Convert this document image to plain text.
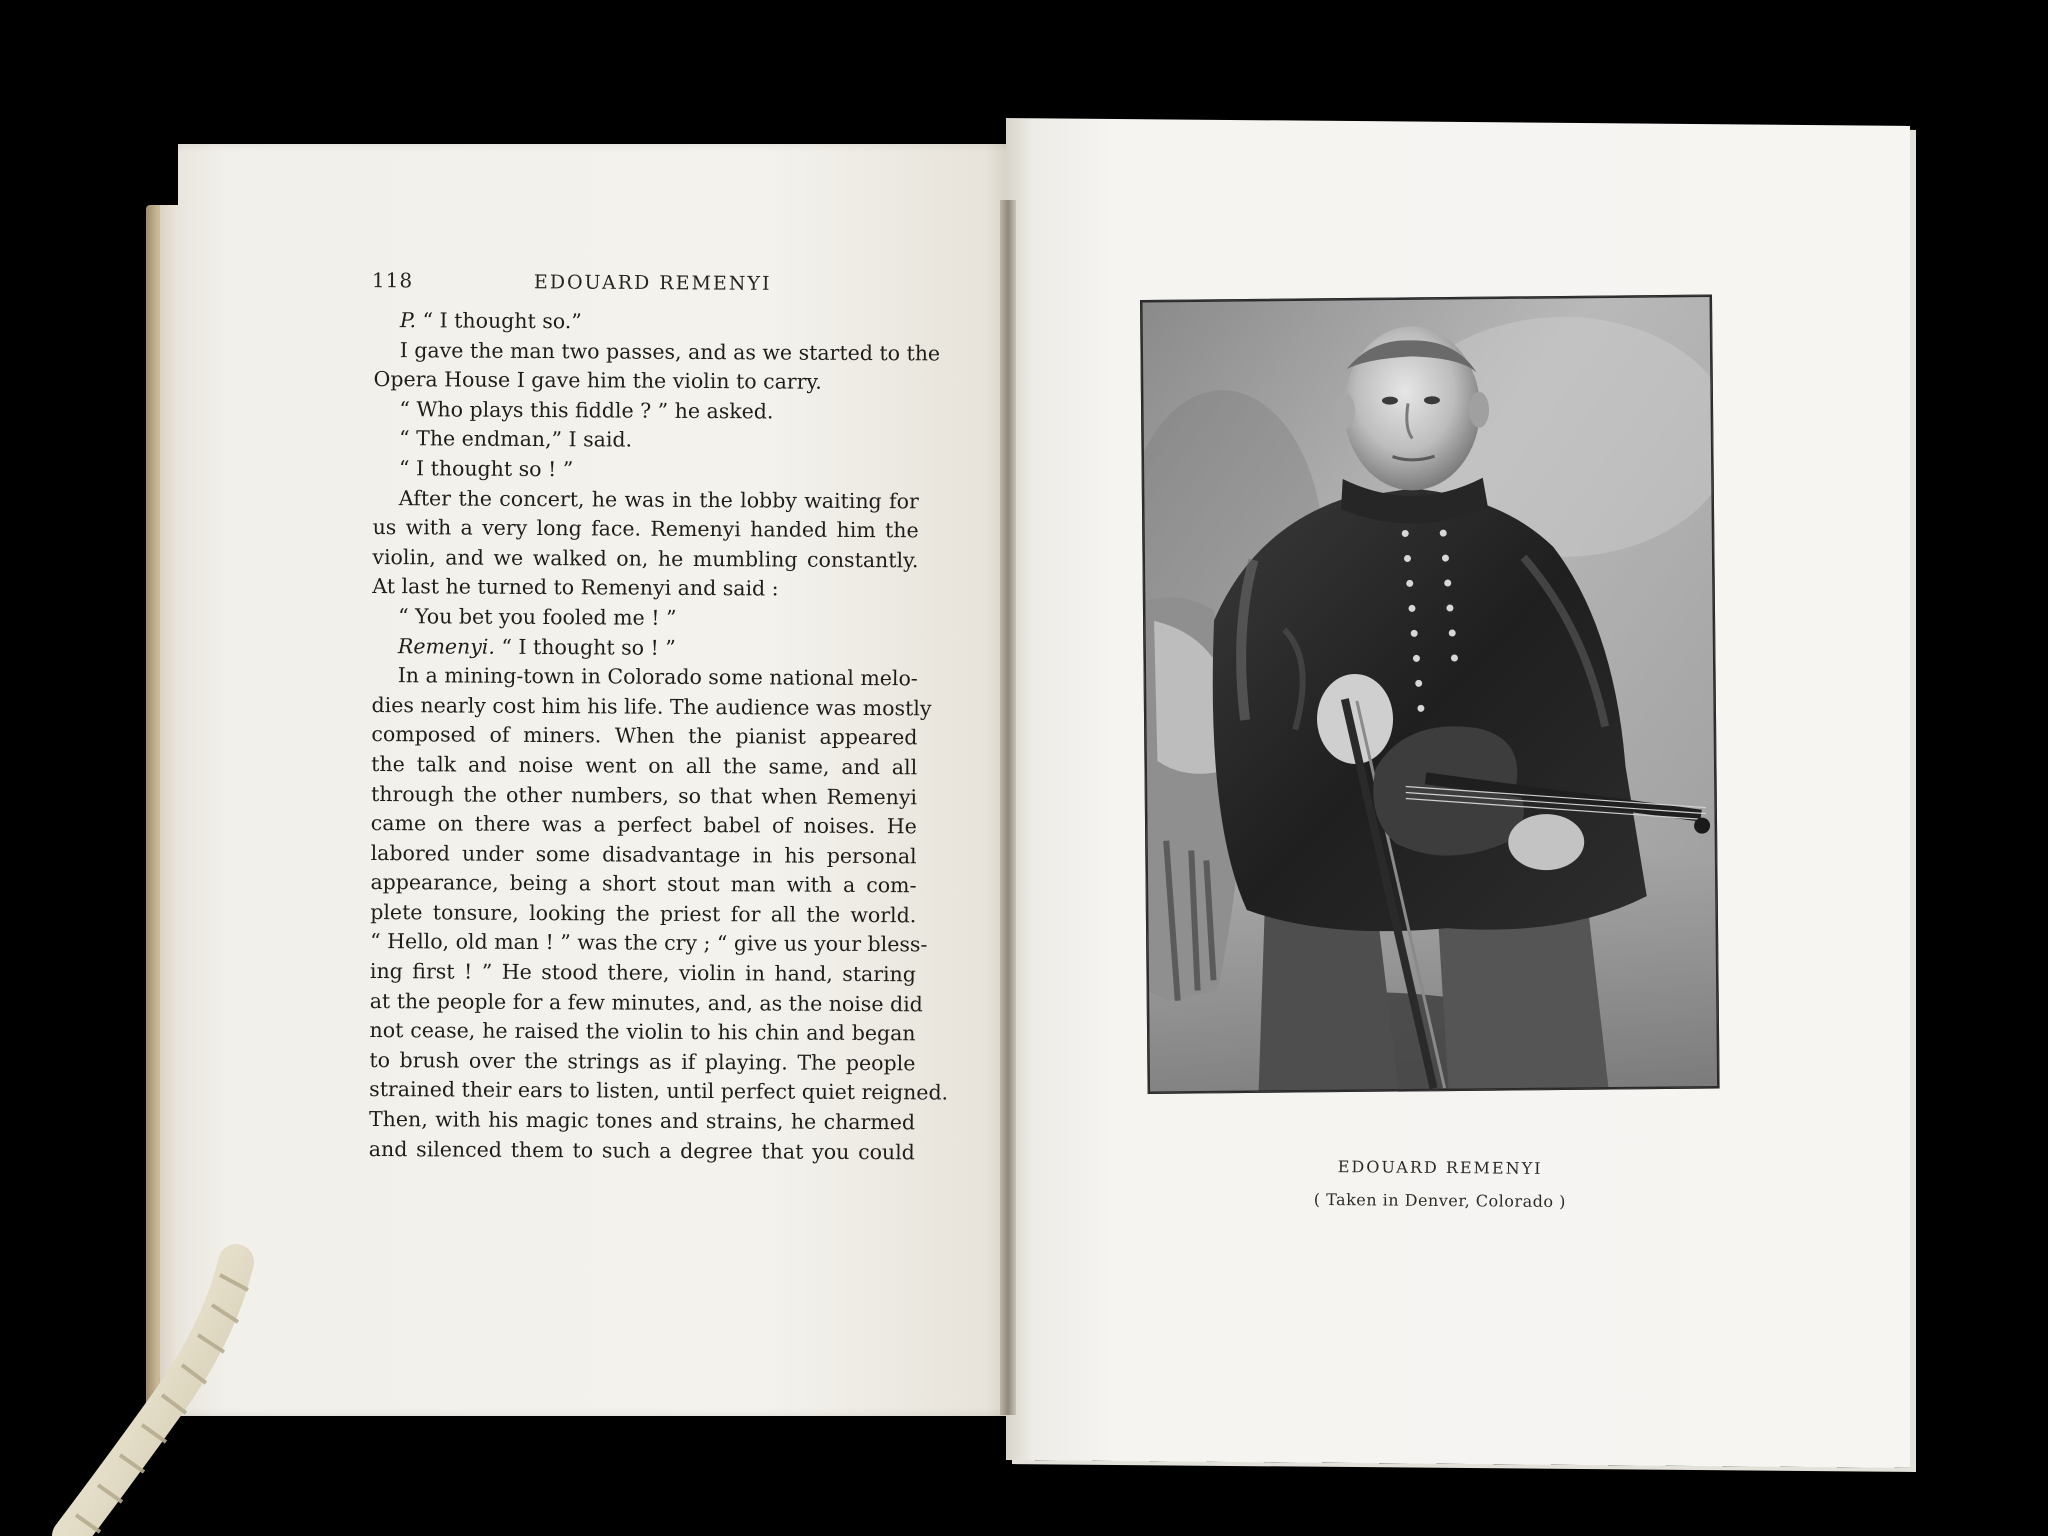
118	EDOUARD REMENYI
P. “ I thought so.”
I gave the man two passes, and as we started to the
Opera House I gave him the violin to carry.
“ Who plays this fiddle ? ” he asked.
“ The endman,” I said.
“ I thought so ! ”
After the concert, he was in the lobby waiting for
us with a very long face. Remenyi handed him the
violin, and we walked on, he mumbling constantly.
At last he turned to Remenyi and said :
“ You bet you fooled me ! ”
Remenyi. “ I thought so ! ”
In a mining-town in Colorado some national melo-
dies nearly cost him his life. The audience was mostly
composed of miners. When the pianist appeared
the talk and noise went on all the same, and all
through the other numbers, so that when Remenyi
came on there was a perfect babel of noises. He
labored under some disadvantage in his personal
appearance, being a short stout man with a com-
plete tonsure, looking the priest for all the world.
“ Hello, old man ! ” was the cry ; “ give us your bless-
ing first ! ” He stood there, violin in hand, staring
at the people for a few minutes, and, as the noise did
not cease, he raised the violin to his chin and began
to brush over the strings as if playing. The people
strained their ears to listen, until perfect quiet reigned.
Then, with his magic tones and strains, he charmed
and silenced them to such a degree that you could
EDOUARD REMENYI
( Taken in Denver, Colorado )
